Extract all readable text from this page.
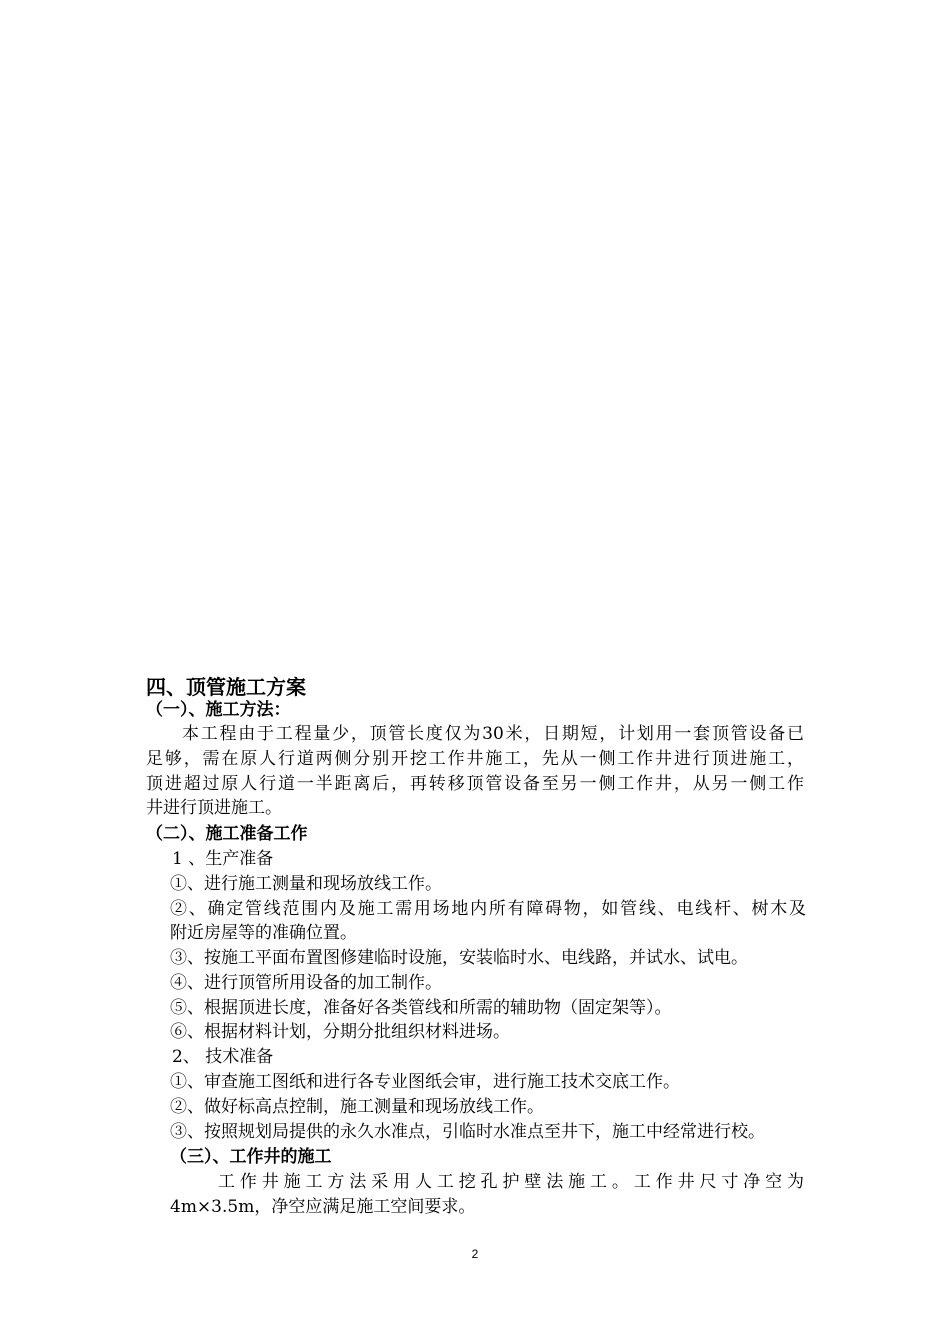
四、顶管施工方案
（一）、施工方法：
本工程由于工程量少，顶管长度仅为30米，日期短，计划用一套顶管设备已
足够，需在原人行道两侧分别开挖工作井施工，先从一侧工作井进行顶进施工，
顶进超过原人行道一半距离后，再转移顶管设备至另一侧工作井，从另一侧工作
井进行顶进施工。
（二）、施工准备工作
1 、生产准备
①、进行施工测量和现场放线工作。
②、确定管线范围内及施工需用场地内所有障碍物，如管线、电线杆、树木及
附近房屋等的准确位置。
③、按施工平面布置图修建临时设施，安装临时水、电线路，并试水、试电。
④、进行顶管所用设备的加工制作。
⑤、根据顶进长度，准备好各类管线和所需的辅助物（固定架等）。
⑥、根据材料计划，分期分批组织材料进场。
2、 技术准备
①、审查施工图纸和进行各专业图纸会审，进行施工技术交底工作。
②、做好标高点控制，施工测量和现场放线工作。
③、按照规划局提供的永久水准点，引临时水准点至井下，施工中经常进行校。
（三）、工作井的施工
工作井施工方法采用人工挖孔护壁法施工。工作井尺寸净空为
4m×3.5m，净空应满足施工空间要求。
2
